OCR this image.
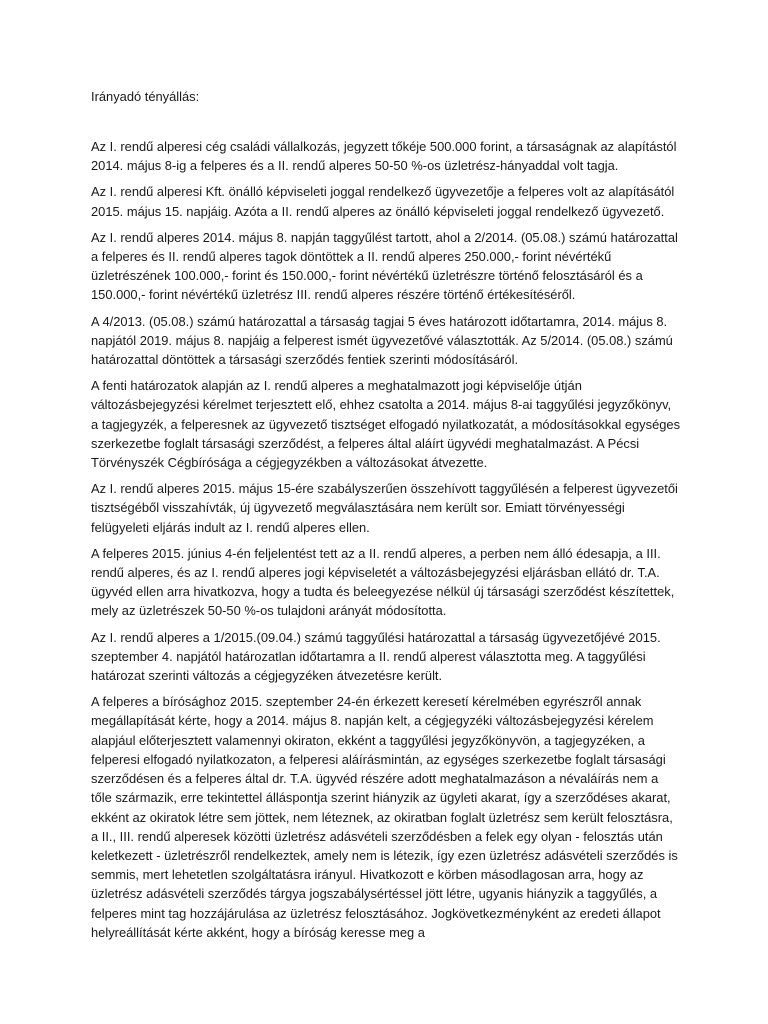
Irányadó tényállás:

Az I. rendű alperesi cég családi vállalkozás, jegyzett tőkéje 500.000 forint, a társaságnak az alapítástól 2014. május 8-ig a felperes és a II. rendű alperes 50-50 %-os üzletrész-hányaddal volt tagja.

Az I. rendű alperesi Kft. önálló képviseleti joggal rendelkező ügyvezetője a felperes volt az alapításától 2015. május 15. napjáig. Azóta a II. rendű alperes az önálló képviseleti joggal rendelkező ügyvezető.

Az I. rendű alperes 2014. május 8. napján taggyűlést tartott, ahol a 2/2014. (05.08.) számú határozattal a felperes és II. rendű alperes tagok döntöttek a II. rendű alperes 250.000,- forint névértékű üzletrészének 100.000,- forint és 150.000,- forint névértékű üzletrészre történő felosztásáról és a 150.000,- forint névértékű üzletrész III. rendű alperes részére történő értékesítéséről.

A 4/2013. (05.08.) számú határozattal a társaság tagjai 5 éves határozott időtartamra, 2014. május 8. napjától 2019. május 8. napjáig a felperest ismét ügyvezetővé választották. Az 5/2014. (05.08.) számú határozattal döntöttek a társasági szerződés fentiek szerinti módosításáról.

A fenti határozatok alapján az I. rendű alperes a meghatalmazott jogi képviselője útján változásbejegyzési kérelmet terjesztett elő, ehhez csatolta a 2014. május 8-ai taggyűlési jegyzőkönyv, a tagjegyzék, a felperesnek az ügyvezető tisztséget elfogadó nyilatkozatát, a módosításokkal egységes szerkezetbe foglalt társasági szerződést, a felperes által aláírt ügyvédi meghatalmazást. A Pécsi Törvényszék Cégbírósága a cégjegyzékben a változásokat átvezette.

Az I. rendű alperes 2015. május 15-ére szabályszerűen összehívott taggyűlésén a felperest ügyvezetői tisztségéből visszahívták, új ügyvezető megválasztására nem került sor. Emiatt törvényességi felügyeleti eljárás indult az I. rendű alperes ellen.

A felperes 2015. június 4-én feljelentést tett az a II. rendű alperes, a perben nem álló édesapja, a III. rendű alperes, és az I. rendű alperes jogi képviseletét a változásbejegyzési eljárásban ellátó dr. T.A. ügyvéd ellen arra hivatkozva, hogy a tudta és beleegyezése nélkül új társasági szerződést készítettek, mely az üzletrészek 50-50 %-os tulajdoni arányát módosította.

Az I. rendű alperes a 1/2015.(09.04.) számú taggyűlési határozattal a társaság ügyvezetőjévé 2015. szeptember 4. napjától határozatlan időtartamra a II. rendű alperest választotta meg. A taggyűlési határozat szerinti változás a cégjegyzéken átvezetésre került.

A felperes a bírósághoz 2015. szeptember 24-én érkezett keresetí kérelmében egyrészről annak megállapítását kérte, hogy a 2014. május 8. napján kelt, a cégjegyzéki változásbejegyzési kérelem alapjául előterjesztett valamennyi okiraton, ekként a taggyűlési jegyzőkönyvön, a tagjegyzéken, a felperesi elfogadó nyilatkozaton, a felperesi aláírásmintán, az egységes szerkezetbe foglalt társasági szerződésen és a felperes által dr. T.A. ügyvéd részére adott meghatalmazáson a névaláírás nem a tőle származik, erre tekintettel álláspontja szerint hiányzik az ügyleti akarat, így a szerződéses akarat, ekként az okiratok létre sem jöttek, nem léteznek, az okiratban foglalt üzletrész sem került felosztásra, a II., III. rendű alperesek közötti üzletrész adásvételi szerződésben a felek egy olyan - felosztás után keletkezett - üzletrészről rendelkeztek, amely nem is létezik, így ezen üzletrész adásvételi szerződés is semmis, mert lehetetlen szolgáltatásra irányul. Hivatkozott e körben másodlagosan arra, hogy az üzletrész adásvételi szerződés tárgya jogszabálysértéssel jött létre, ugyanis hiányzik a taggyűlés, a felperes mint tag hozzájárulása az üzletrész felosztásához. Jogkövetkezményként az eredeti állapot helyreállítását kérte akként, hogy a bíróság keresse meg a
